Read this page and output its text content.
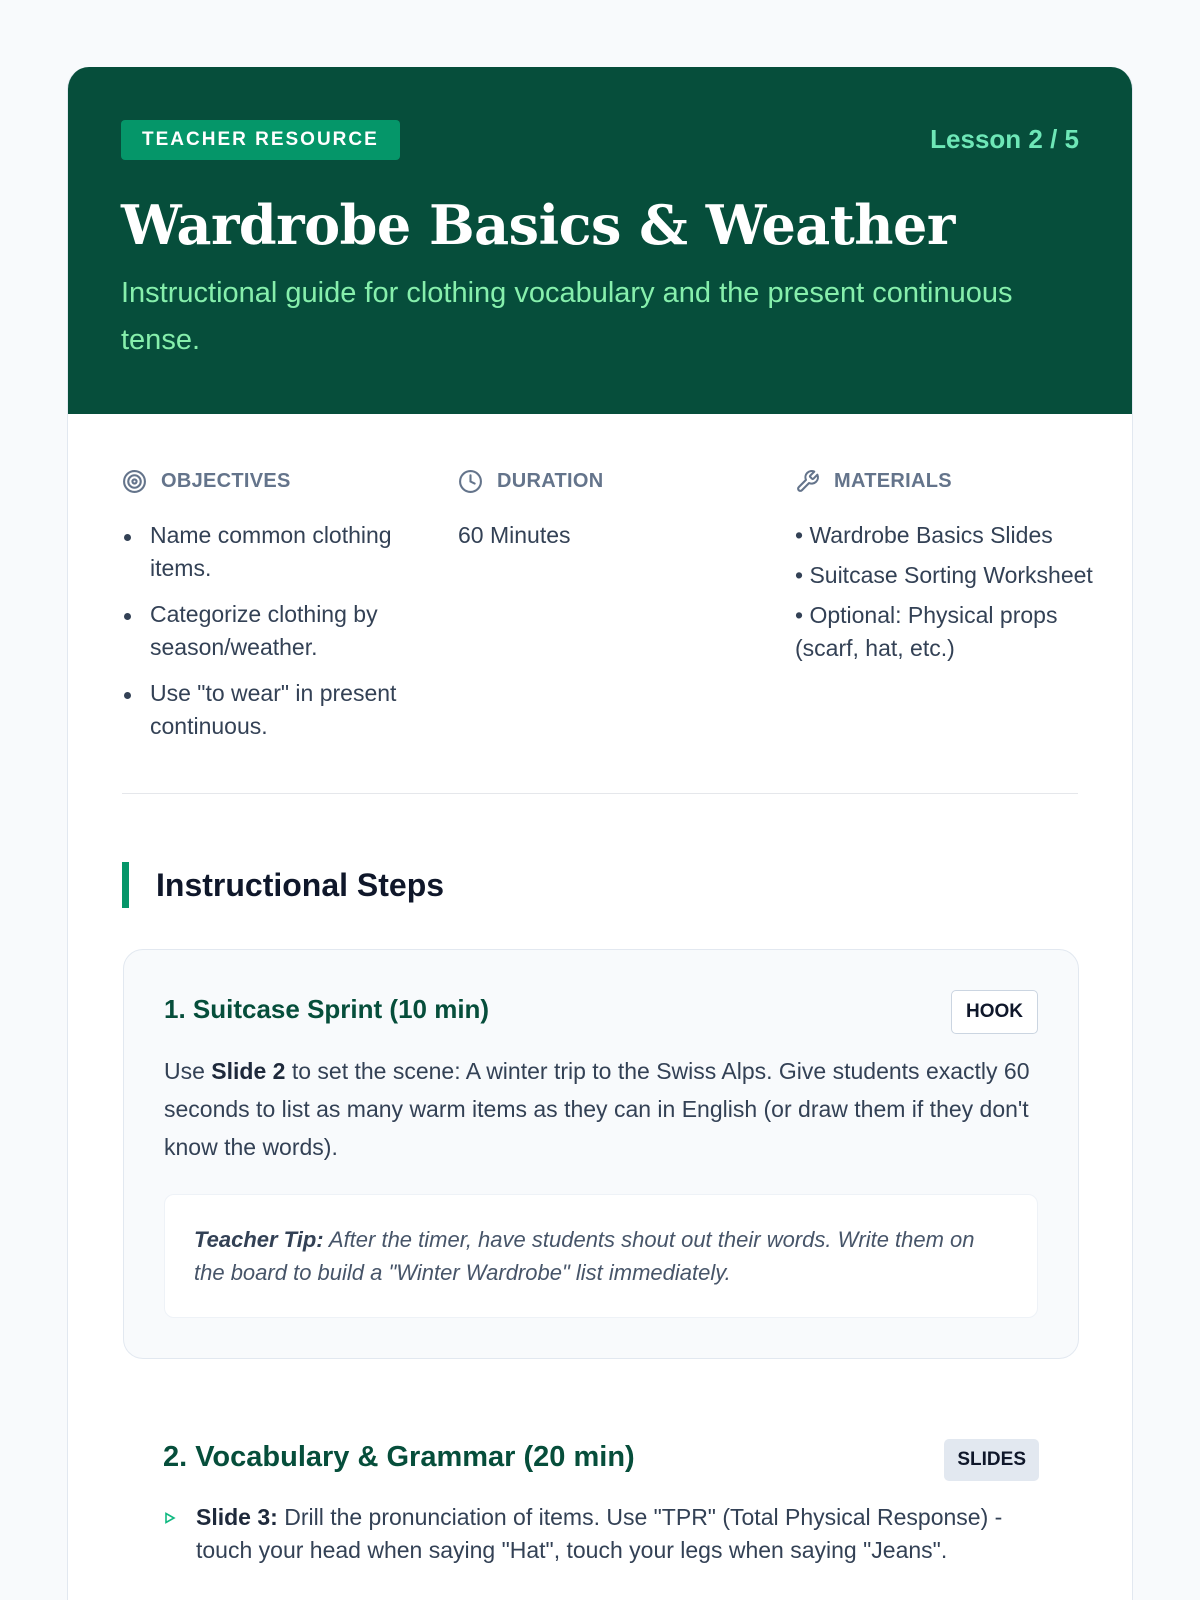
TEACHER RESOURCE	Lesson 2 / 5
Wardrobe Basics & Weather

Instructional guide for clothing vocabulary and the present continuous tense.

OBJECTIVES
Name common clothing items.
Categorize clothing by season/weather.
Use "to wear" in present continuous.
DURATION
60 Minutes
MATERIALS
• Wardrobe Basics Slides
• Suitcase Sorting Worksheet
• Optional: Physical props (scarf, hat, etc.)
Instructional Steps
1. Suitcase Sprint (10 min)	HOOK

Use Slide 2 to set the scene: A winter trip to the Swiss Alps. Give students exactly 60 seconds to list as many warm items as they can in English (or draw them if they don't know the words).

Teacher Tip: After the timer, have students shout out their words. Write them on the board to build a "Winter Wardrobe" list immediately.
2. Vocabulary & Grammar (20 min)	SLIDES
Slide 3: Drill the pronunciation of items. Use "TPR" (Total Physical Response) - touch your head when saying "Hat", touch your legs when saying "Jeans".
